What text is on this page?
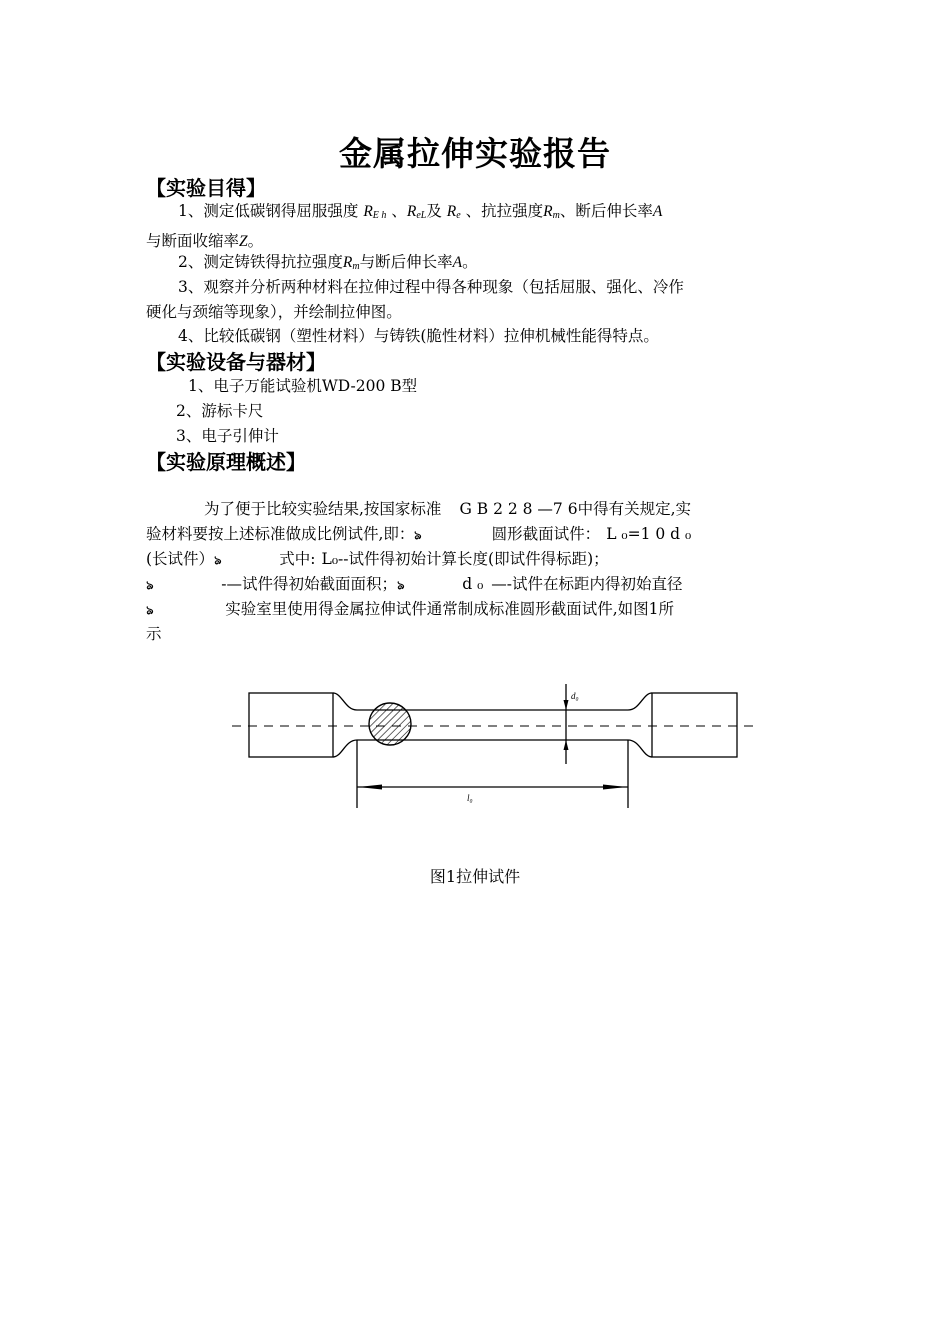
金属拉伸实验报告
【实验目得】

1、测定低碳钢得屈服强度 $R_{E h}$ 、$R_{eL}$及 $R_e$ 、抗拉强度$R_m$、断后伸长率A
与断面收缩率Z。

2、测定铸铁得抗拉强度$R_m$与断后伸长率A。

3、观察并分析两种材料在拉伸过程中得各种现象（包括屈服、强化、冷作
硬化与颈缩等现象），并绘制拉伸图。

4、比较低碳钢（塑性材料）与铸铁(脆性材料）拉伸机械性能得特点。

【实验设备与器材】

1、电子万能试验机WD-200 B型

2、游标卡尺

3、电子引伸计

【实验原理概述】

为了便于比较实验结果,按国家标准 G B 2 2 8 —7 6中得有关规定,实

验材料要按上述标准做成比例试件,即：ঌ	圆形截面试件： L ₀=1 0 d ₀

(长试件）ঌ	式中: L₀--试件得初始计算长度(即试件得标距)；

ঌ	-—试件得初始截面面积；ঌ	d ₀ —-试件在标距内得初始直径

ঌ	实验室里使用得金属拉伸试件通常制成标准圆形截面试件,如图1所

示

d₀
l₀
图1拉伸试件
